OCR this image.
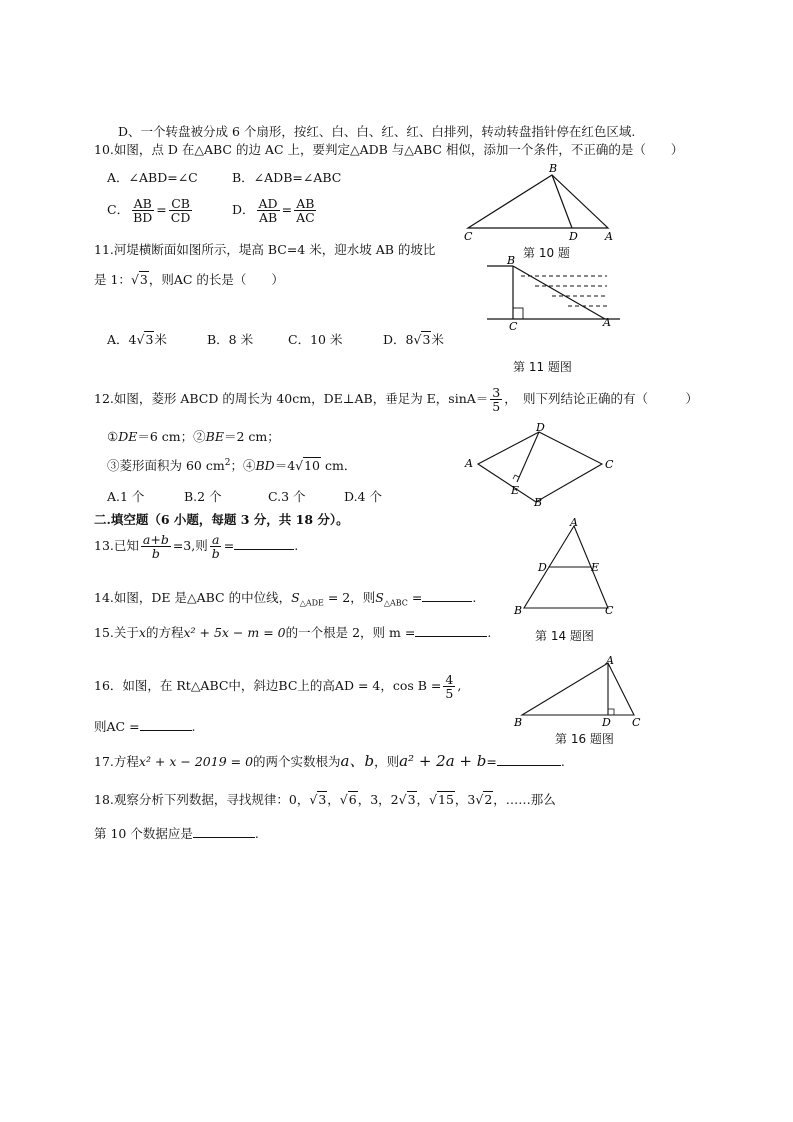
D、一个转盘被分成 6 个扇形，按红、白、白、红、红、白排列，转动转盘指针停在红色区域.
10.如图，点 D 在△ABC 的边 AC 上，要判定△ADB 与△ABC 相似，添加一个条件，不正确的是（　　）
A．∠ABD=∠C	B．∠ADB=∠ABC
C． $\frac{AB}{BD} = \frac{CB}{CD}$	D． $\frac{AD}{AB} = \frac{AB}{AC}$
B
C	D A
第 10 题
11.河堤横断面如图所示，堤高 BC=4 米，迎水坡 AB 的坡比
是 1：√3，则AC 的长是（　　）
A．4√3米	B．8 米	C．10 米	D．8√3米
B
C	A
第 11 题图
12.如图，菱形 ABCD 的周长为 40cm，DE⊥AB，垂足为 E，$\sin A= \frac{3}{5}$ ，　则下列结论正确的有（　　　）
①DE＝6 cm；②BE＝2 cm；
③菱形面积为 60 $cm^2$；④BD＝4√10 cm．
A.1 个	B.2 个	C.3 个	D.4 个
A
D
C
E
B
二.填空题（6 小题，每题 3 分，共 18 分）。
13.已知 $\frac{a+b}{b} =3$,则 $\frac{a}{b}$ =	.
A
D	E
B	C
第 14 题图
14.如图，DE 是△ABC 的中位线，$S_{\triangle ADE} = 2$，则$S_{\triangle ABC}$ =	.
15.关于x的方程x² + 5x − m = 0的一个根是 2，则 m =	.
16．如图，在 Rt△ABC中，斜边BC上的高AD = 4，$\cos B = \frac{4}{5}$ ,
则AC =	.
A
B	D C
第 16 题图
17.方程x² + x − 2019 = 0的两个实数根为a、b，则a² + 2a + b=	.
18.观察分析下列数据，寻找规律：0，√3，√6，3，2√3，√15，3√2，……那么
第 10 个数据应是	.
